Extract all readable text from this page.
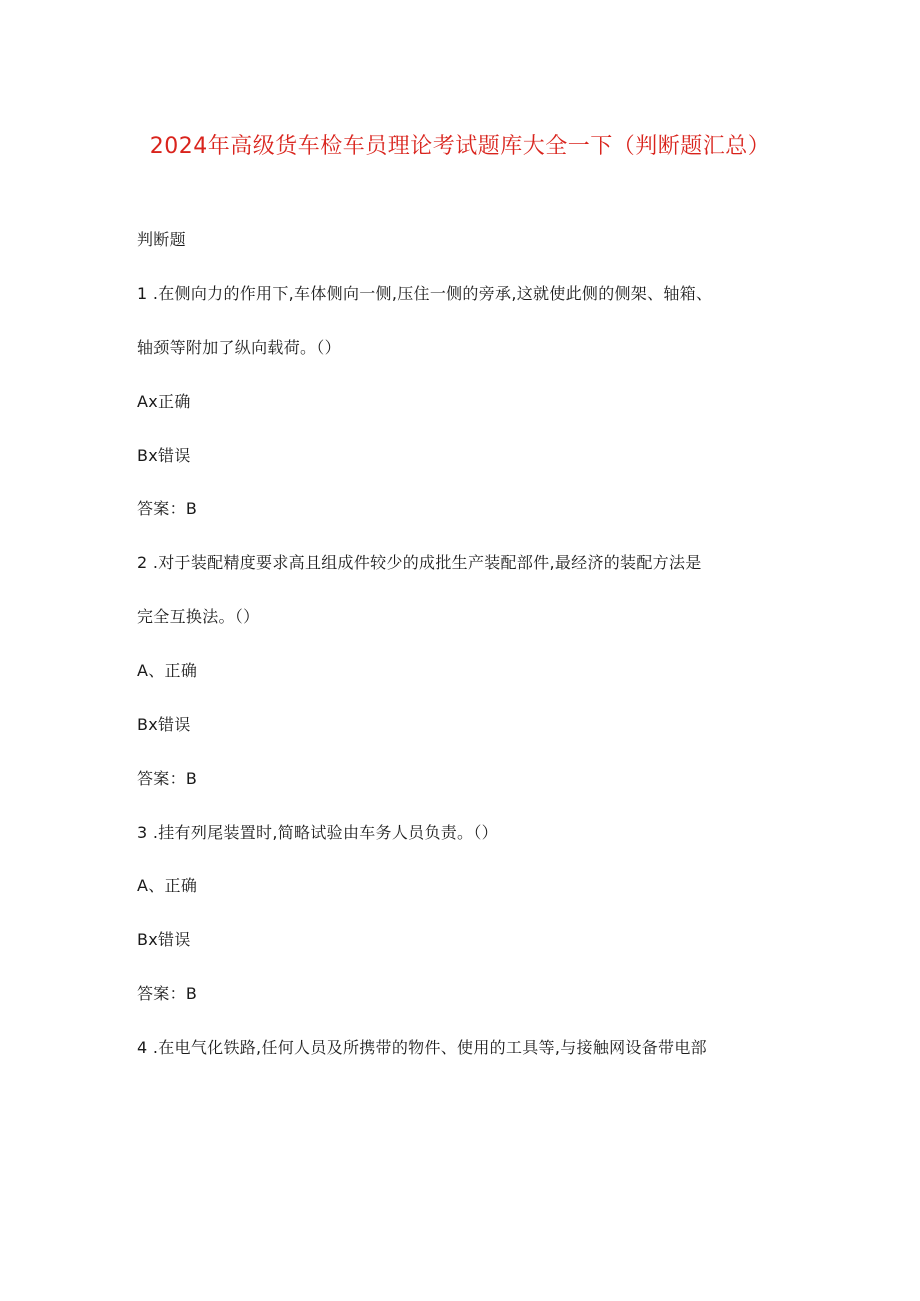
2024年高级货车检车员理论考试题库大全一下（判断题汇总）
判断题
1 .在侧向力的作用下,车体侧向一侧,压住一侧的旁承,这就使此侧的侧架、轴箱、
轴颈等附加了纵向载荷。（）
Ax正确
Bx错误
答案：B
2 .对于装配精度要求高且组成件较少的成批生产装配部件,最经济的装配方法是
完全互换法。（）
A、正确
Bx错误
答案：B
3 .挂有列尾装置时,简略试验由车务人员负责。（）
A、正确
Bx错误
答案：B
4 .在电气化铁路,任何人员及所携带的物件、使用的工具等,与接触网设备带电部
